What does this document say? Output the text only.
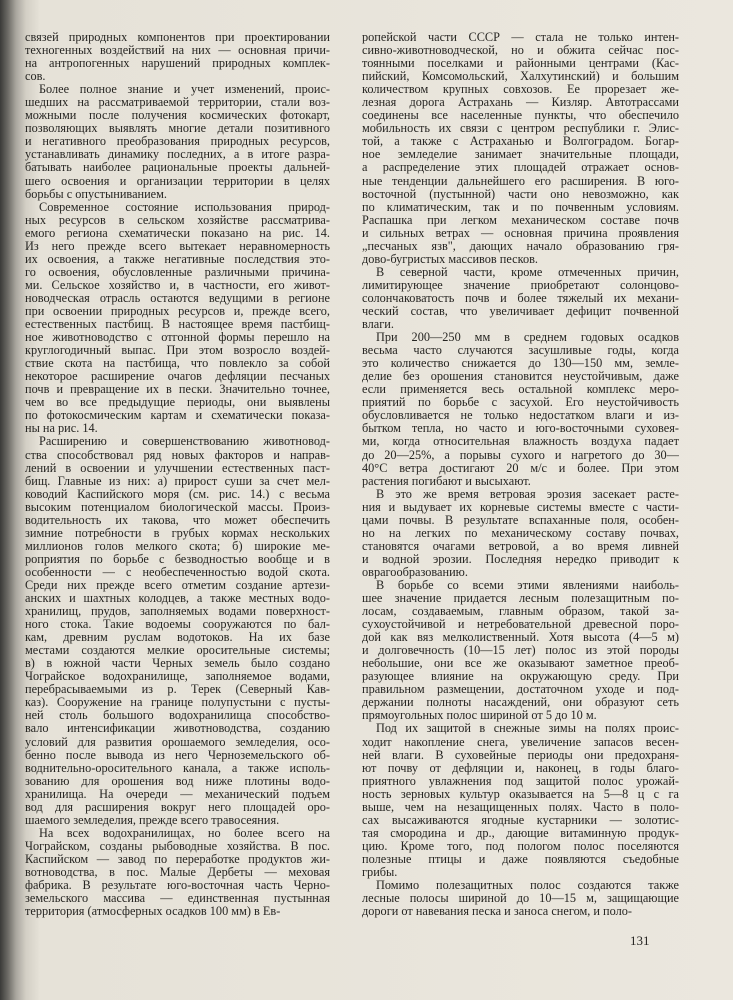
связей природных компонентов при проектировании
техногенных воздействий на них — основная причи-
на антропогенных нарушений природных комплек-
сов.
Более полное знание и учет изменений, проис-
шедших на рассматриваемой территории, стали воз-
можными после получения космических фотокарт,
позволяющих выявлять многие детали позитивного
и негативного преобразования природных ресурсов,
устанавливать динамику последних, а в итоге разра-
батывать наиболее рациональные проекты дальней-
шего освоения и организации территории в целях
борьбы с опустыниванием.
Современное состояние использования природ-
ных ресурсов в сельском хозяйстве рассматрива-
емого региона схематически показано на рис. 14.
Из него прежде всего вытекает неравномерность
их освоения, а также негативные последствия это-
го освоения, обусловленные различными причина-
ми. Сельское хозяйство и, в частности, его живот-
новодческая отрасль остаются ведущими в регионе
при освоении природных ресурсов и, прежде всего,
естественных пастбищ. В настоящее время пастбищ-
ное животноводство с отгонной формы перешло на
круглогодичный выпас. При этом возросло воздей-
ствие скота на пастбища, что повлекло за собой
некоторое расширение очагов дефляции песчаных
почв и превращение их в пески. Значительно точнее,
чем во все предыдущие периоды, они выявлены
по фотокосмическим картам и схематически показа-
ны на рис. 14.
Расширению и совершенствованию животновод-
ства способствовал ряд новых факторов и направ-
лений в освоении и улучшении естественных паст-
бищ. Главные из них: а) прирост суши за счет мел-
ководий Каспийского моря (см. рис. 14.) с весьма
высоким потенциалом биологической массы. Произ-
водительность их такова, что может обеспечить
зимние потребности в грубых кормах нескольких
миллионов голов мелкого скота; б) широкие ме-
роприятия по борьбе с безводностью вообще и в
особенности — с необеспеченностью водой скота.
Среди них прежде всего отметим создание артези-
анских и шахтных колодцев, а также местных водо-
хранилищ, прудов, заполняемых водами поверхност-
ного стока. Такие водоемы сооружаются по бал-
кам, древним руслам водотоков. На их базе
местами создаются мелкие оросительные системы;
в) в южной части Черных земель было создано
Чограйское водохранилище, заполняемое водами,
перебрасываемыми из р. Терек (Северный Кав-
каз). Сооружение на границе полупустыни с пусты-
ней столь большого водохранилища способство-
вало интенсификации животноводства, созданию
условий для развития орошаемого земледелия, осо-
бенно после вывода из него Черноземельского об-
воднительно-оросительного канала, а также исполь-
зованию для орошения вод ниже плотины водо-
хранилища. На очереди — механический подъем
вод для расширения вокруг него площадей оро-
шаемого земледелия, прежде всего травосеяния.
На всех водохранилищах, но более всего на
Чограйском, созданы рыбоводные хозяйства. В пос.
Каспийском — завод по переработке продуктов жи-
вотноводства, в пос. Малые Дербеты — меховая
фабрика. В результате юго-восточная часть Черно-
земельского массива — единственная пустынная
территория (атмосферных осадков 100 мм) в Ев-
ропейской части СССР — стала не только интен-
сивно-животноводческой, но и обжита сейчас пос-
тоянными поселками и районными центрами (Кас-
пийский, Комсомольский, Халхутинский) и большим
количеством крупных совхозов. Ее прорезает же-
лезная дорога Астрахань — Кизляр. Автотрассами
соединены все населенные пункты, что обеспечило
мобильность их связи с центром республики г. Элис-
той, а также с Астраханью и Волгоградом. Богар-
ное земледелие занимает значительные площади,
а распределение этих площадей отражает основ-
ные тенденции дальнейшего его расширения. В юго-
восточной (пустынной) части оно невозможно, как
по климатическим, так и по почвенным условиям.
Распашка при легком механическом составе почв
и сильных ветрах — основная причина проявления
„песчаных язв", дающих начало образованию гря-
дово-бугристых массивов песков.
В северной части, кроме отмеченных причин,
лимитирующее значение приобретают солонцово-
солончаковатость почв и более тяжелый их механи-
ческий состав, что увеличивает дефицит почвенной
влаги.
При 200—250 мм в среднем годовых осадков
весьма часто случаются засушливые годы, когда
это количество снижается до 130—150 мм, земле-
делие без орошения становится неустойчивым, даже
если применяется весь остальной комплекс меро-
приятий по борьбе с засухой. Его неустойчивость
обусловливается не только недостатком влаги и из-
бытком тепла, но часто и юго-восточными суховея-
ми, когда относительная влажность воздуха падает
до 20—25%, а порывы сухого и нагретого до 30—
40°С ветра достигают 20 м/с и более. При этом
растения погибают и высыхают.
В это же время ветровая эрозия засекает расте-
ния и выдувает их корневые системы вместе с части-
цами почвы. В результате вспаханные поля, особен-
но на легких по механическому составу почвах,
становятся очагами ветровой, а во время ливней
и водной эрозии. Последняя нередко приводит к
оврагообразованию.
В борьбе со всеми этими явлениями наиболь-
шее значение придается лесным полезащитным по-
лосам, создаваемым, главным образом, такой за-
сухоустойчивой и нетребовательной древесной поро-
дой как вяз мелколиственный. Хотя высота (4—5 м)
и долговечность (10—15 лет) полос из этой породы
небольшие, они все же оказывают заметное преоб-
разующее влияние на окружающую среду. При
правильном размещении, достаточном уходе и под-
держании полноты насаждений, они образуют сеть
прямоугольных полос шириной от 5 до 10 м.
Под их защитой в снежные зимы на полях проис-
ходит накопление снега, увеличение запасов весен-
ней влаги. В суховейные периоды они предохраня-
ют почву от дефляции и, наконец, в годы благо-
приятного увлажнения под защитой полос урожай-
ность зерновых культур оказывается на 5—8 ц с га
выше, чем на незащищенных полях. Часто в поло-
сах высаживаются ягодные кустарники — золотис-
тая смородина и др., дающие витаминную продук-
цию. Кроме того, под пологом полос поселяются
полезные птицы и даже появляются съедобные
грибы.
Помимо полезащитных полос создаются также
лесные полосы шириной до 10—15 м, защищающие
дороги от навевания песка и заноса снегом, и поло-
131
